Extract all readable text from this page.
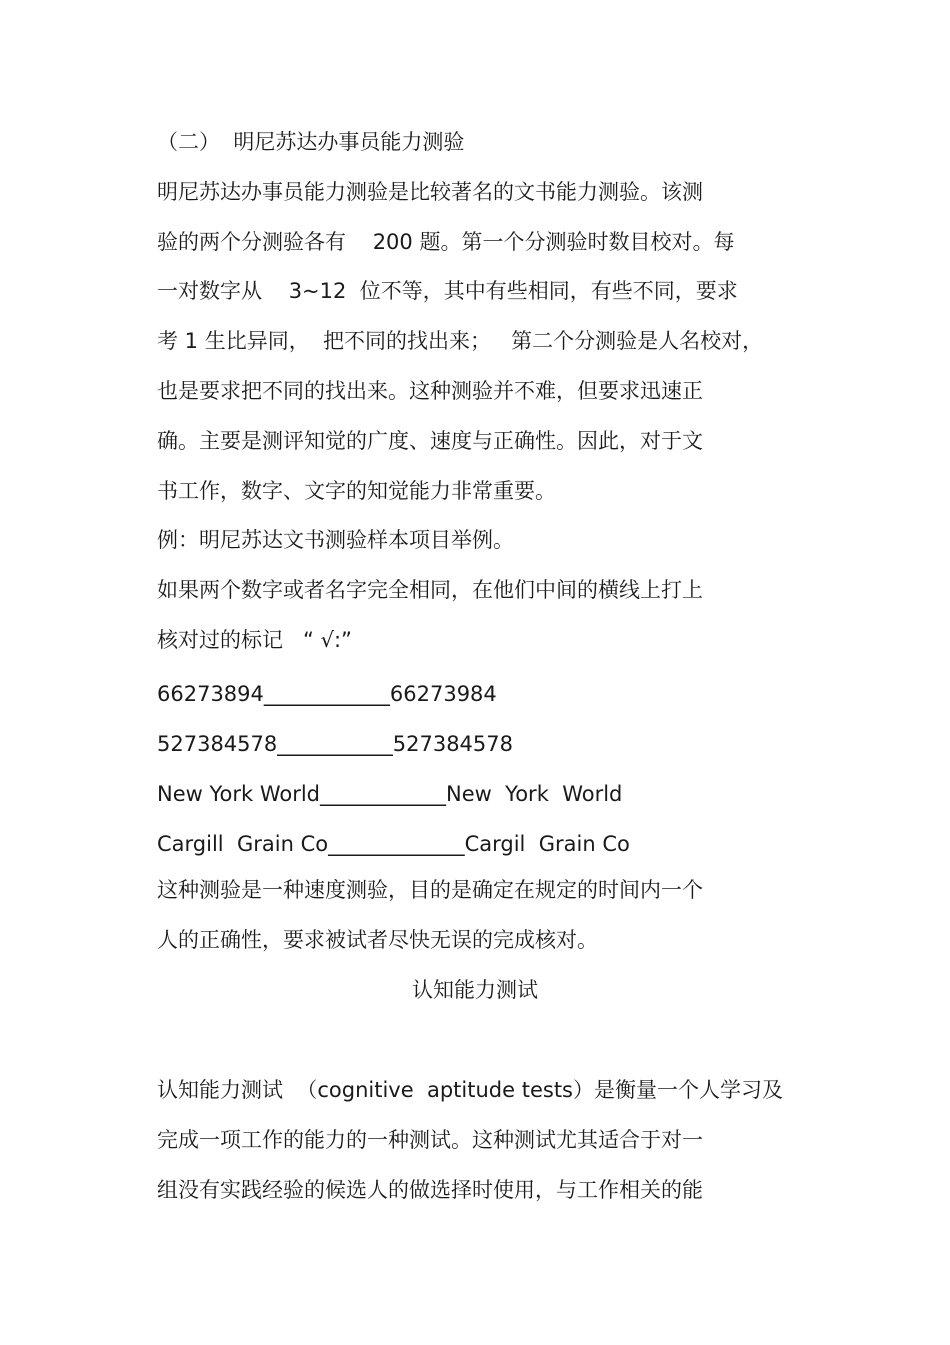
（二）  明尼苏达办事员能力测验

明尼苏达办事员能力测验是比较著名的文书能力测验。该测

验的两个分测验各有    200 题。第一个分测验时数目校对。每

一对数字从    3~12  位不等，其中有些相同，有些不同，要求

考 1 生比异同，  把不同的找出来；   第二个分测验是人名校对，

也是要求把不同的找出来。这种测验并不难，但要求迅速正

确。主要是测评知觉的广度、速度与正确性。因此，对于文

书工作，数字、文字的知觉能力非常重要。

例：明尼苏达文书测验样本项目举例。

如果两个数字或者名字完全相同，在他们中间的横线上打上

核对过的标记   “ √:”

66273894____________66273984

527384578___________527384578

New York World____________New  York  World

Cargill  Grain Co_____________Cargil  Grain Co

这种测验是一种速度测验，目的是确定在规定的时间内一个

人的正确性，要求被试者尽快无误的完成核对。

认知能力测试

认知能力测试  （cognitive  aptitude tests）是衡量一个人学习及

完成一项工作的能力的一种测试。这种测试尤其适合于对一

组没有实践经验的候选人的做选择时使用，与工作相关的能
